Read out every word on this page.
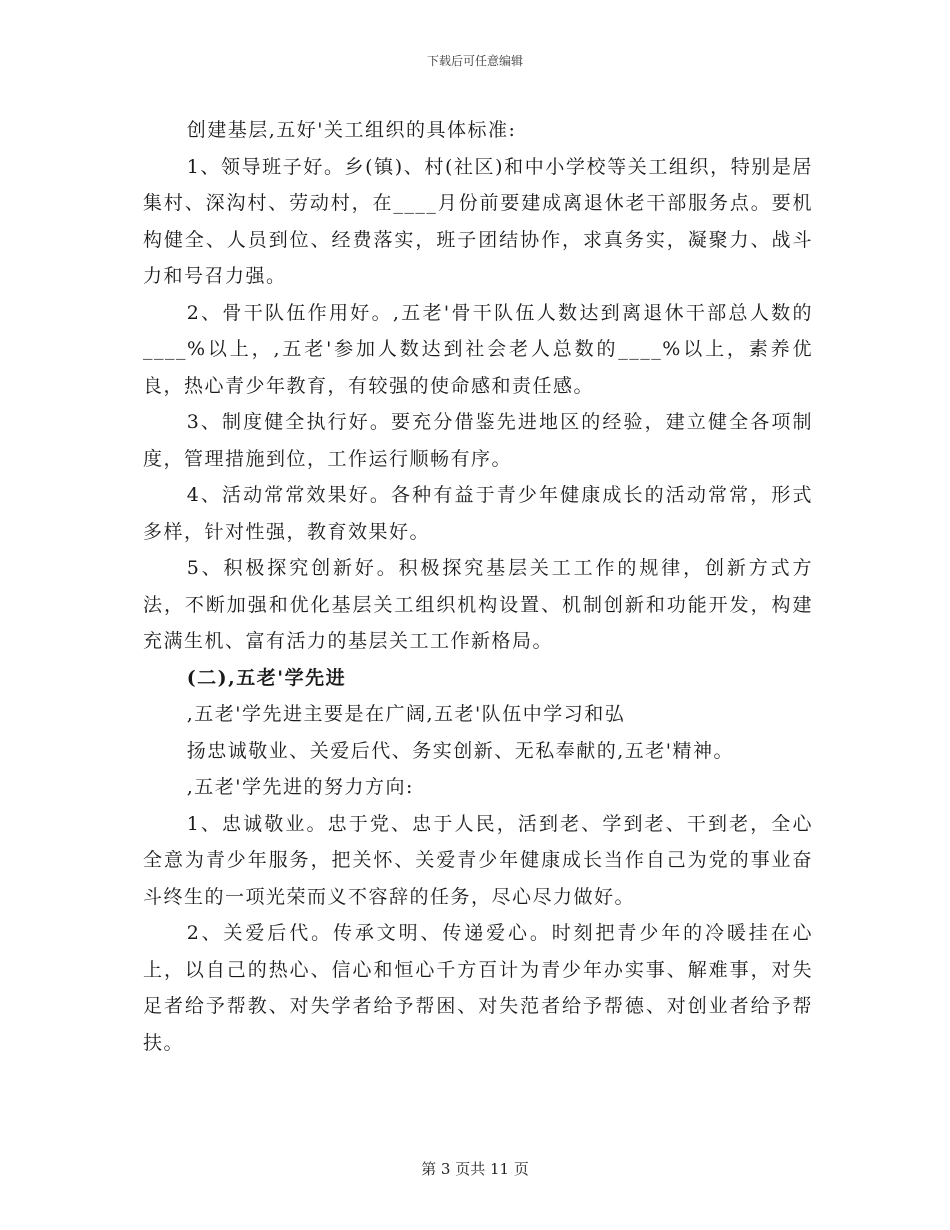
下载后可任意编辑

创建基层,五好'关工组织的具体标准:

1、领导班子好。乡(镇)、村(社区)和中小学校等关工组织，特别是居集村、深沟村、劳动村，在____月份前要建成离退休老干部服务点。要机构健全、人员到位、经费落实，班子团结协作，求真务实，凝聚力、战斗力和号召力强。

2、骨干队伍作用好。,五老'骨干队伍人数达到离退休干部总人数的____%以上，,五老'参加人数达到社会老人总数的____%以上，素养优良，热心青少年教育，有较强的使命感和责任感。

3、制度健全执行好。要充分借鉴先进地区的经验，建立健全各项制度，管理措施到位，工作运行顺畅有序。

4、活动常常效果好。各种有益于青少年健康成长的活动常常，形式多样，针对性强，教育效果好。

5、积极探究创新好。积极探究基层关工工作的规律，创新方式方法，不断加强和优化基层关工组织机构设置、机制创新和功能开发，构建充满生机、富有活力的基层关工工作新格局。

(二),五老'学先进

,五老'学先进主要是在广阔,五老'队伍中学习和弘

扬忠诚敬业、关爱后代、务实创新、无私奉献的,五老'精神。

,五老'学先进的努力方向:

1、忠诚敬业。忠于党、忠于人民，活到老、学到老、干到老，全心全意为青少年服务，把关怀、关爱青少年健康成长当作自己为党的事业奋斗终生的一项光荣而义不容辞的任务，尽心尽力做好。

2、关爱后代。传承文明、传递爱心。时刻把青少年的冷暖挂在心上，以自己的热心、信心和恒心千方百计为青少年办实事、解难事，对失足者给予帮教、对失学者给予帮困、对失范者给予帮德、对创业者给予帮扶。

第 3 页共 11 页
